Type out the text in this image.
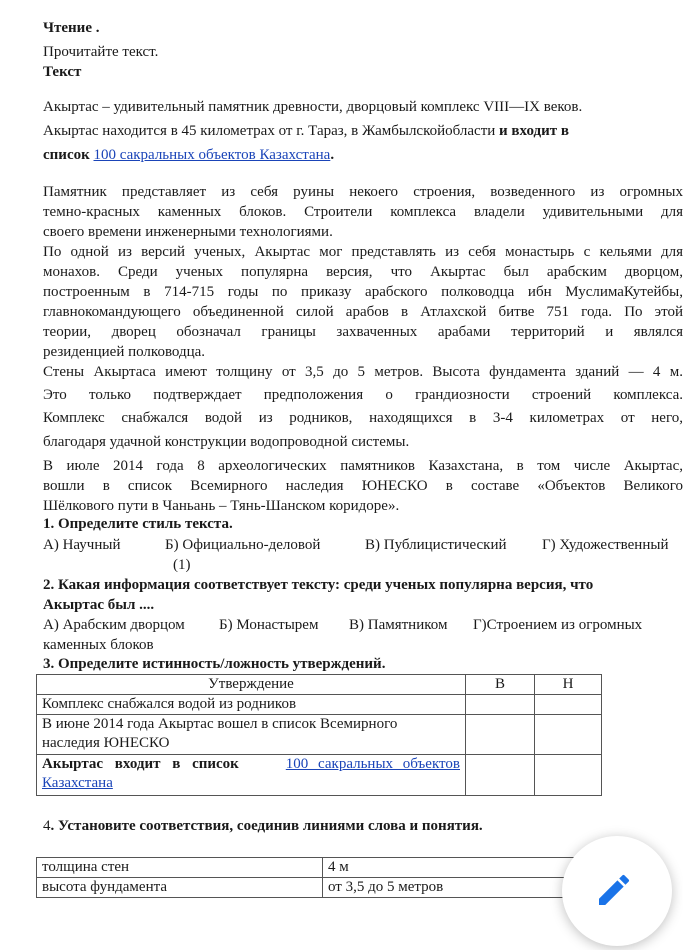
Чтение .
Прочитайте текст.
Текст
Акыртас – удивительный памятник древности, дворцовый комплекс VIII—IX веков.
Акыртас находится в 45 километрах от г. Тараз, в Жамбылскойобласти и входит в
список 100 сакральных объектов Казахстана.
Памятник представляет из себя руины некоего строения, возведенного из огромных
темно-красных каменных блоков. Строители комплекса владели удивительными для
своего времени инженерными технологиями.
По одной из версий ученых, Акыртас мог представлять из себя монастырь с кельями для
монахов. Среди ученых популярна версия, что Акыртас был арабским дворцом,
построенным в 714-715 годы по приказу арабского полководца ибн МуслимаКутейбы,
главнокомандующего объединенной силой арабов в Атлахской битве 751 года. По этой
теории, дворец обозначал границы захваченных арабами территорий и являлся
резиденцией полководца.
Стены Акыртаса имеют толщину от 3,5 до 5 метров. Высота фундамента зданий — 4 м.
Это только подтверждает предположения о грандиозности строений комплекса.
Комплекс снабжался водой из родников, находящихся в 3-4 километрах от него,
благодаря удачной конструкции водопроводной системы.
В июле 2014 года 8 археологических памятников Казахстана, в том числе Акыртас,
вошли в список Всемирного наследия ЮНЕСКО в составе «Объектов Великого
Шёлкового пути в Чаньань – Тянь-Шанском коридоре».
1. Определите стиль текста.
А) Научный	Б) Официально-деловой	В) Публицистический Г) Художественный
(1)
2. Какая информация соответствует тексту: среди ученых популярна версия, что
Акыртас был ....
А) Арабским дворцом Б) Монастырем В) Памятником Г)Строением из огромных
каменных блоков
3. Определите истинность/ложность утверждений.
Утверждение	В	Н
Комплекс снабжался водой из родников		
В июне 2014 года Акыртас вошел в список Всемирного
наследия ЮНЕСКО		

Акыртас входит в список 100 сакральных объектов
Казахстана		
4. Установите соответствия, соединив линиями слова и понятия.
толщина стен	4 м
высота фундамента	от 3,5 до 5 метров
